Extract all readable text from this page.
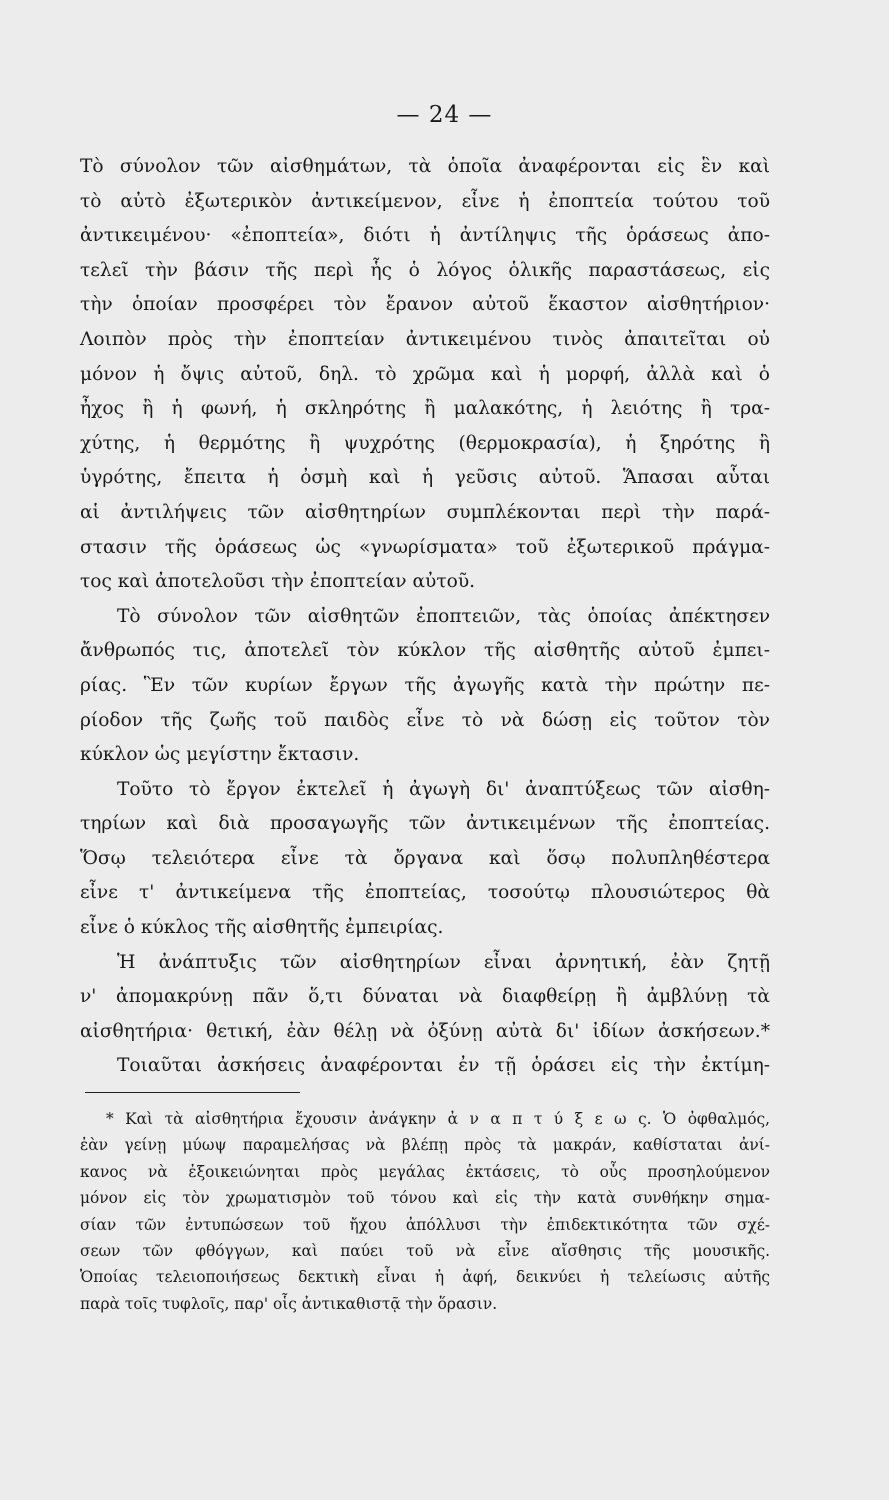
— 24 —
Τὸ σύνολον τῶν αἰσθημάτων, τὰ ὁποῖα ἀναφέρονται εἰς ἓν καὶ
τὸ αὐτὸ ἐξωτερικὸν ἀντικείμενον, εἶνε ἡ ἐποπτεία τούτου τοῦ
ἀντικειμένου· «ἐποπτεία», διότι ἡ ἀντίληψις τῆς ὁράσεως ἀπο-
τελεῖ τὴν βάσιν τῆς περὶ ἧς ὁ λόγος ὁλικῆς παραστάσεως, εἰς
τὴν ὁποίαν προσφέρει τὸν ἔρανον αὐτοῦ ἕκαστον αἰσθητήριον·
Λοιπὸν πρὸς τὴν ἐποπτείαν ἀντικειμένου τινὸς ἀπαιτεῖται οὐ
μόνον ἡ ὄψις αὐτοῦ, δηλ. τὸ χρῶμα καὶ ἡ μορφή, ἀλλὰ καὶ ὁ
ἦχος ἢ ἡ φωνή, ἡ σκληρότης ἢ μαλακότης, ἡ λειότης ἢ τρα-
χύτης, ἡ θερμότης ἢ ψυχρότης (θερμοκρασία), ἡ ξηρότης ἢ
ὑγρότης, ἔπειτα ἡ ὀσμὴ καὶ ἡ γεῦσις αὐτοῦ. Ἅπασαι αὗται
αἱ ἀντιλήψεις τῶν αἰσθητηρίων συμπλέκονται περὶ τὴν παρά-
στασιν τῆς ὁράσεως ὡς «γνωρίσματα» τοῦ ἐξωτερικοῦ πράγμα-
τος καὶ ἀποτελοῦσι τὴν ἐποπτείαν αὐτοῦ.
Τὸ σύνολον τῶν αἰσθητῶν ἐποπτειῶν, τὰς ὁποίας ἀπέκτησεν
ἄνθρωπός τις, ἀποτελεῖ τὸν κύκλον τῆς αἰσθητῆς αὐτοῦ ἐμπει-
ρίας. Ἓν τῶν κυρίων ἔργων τῆς ἀγωγῆς κατὰ τὴν πρώτην πε-
ρίοδον τῆς ζωῆς τοῦ παιδὸς εἶνε τὸ νὰ δώσῃ εἰς τοῦτον τὸν
κύκλον ὡς μεγίστην ἔκτασιν.
Τοῦτο τὸ ἔργον ἐκτελεῖ ἡ ἀγωγὴ δι' ἀναπτύξεως τῶν αἰσθη-
τηρίων καὶ διὰ προσαγωγῆς τῶν ἀντικειμένων τῆς ἐποπτείας.
Ὅσῳ τελειότερα εἶνε τὰ ὄργανα καὶ ὅσῳ πολυπληθέστερα
εἶνε τ' ἀντικείμενα τῆς ἐποπτείας, τοσούτῳ πλουσιώτερος θὰ
εἶνε ὁ κύκλος τῆς αἰσθητῆς ἐμπειρίας.
Ἡ ἀνάπτυξις τῶν αἰσθητηρίων εἶναι ἀρνητική, ἐὰν ζητῇ
ν' ἀπομακρύνῃ πᾶν ὅ,τι δύναται νὰ διαφθείρῃ ἢ ἀμβλύνῃ τὰ
αἰσθητήρια· θετική, ἐὰν θέλῃ νὰ ὀξύνῃ αὐτὰ δι' ἰδίων ἀσκήσεων.*
Τοιαῦται ἀσκήσεις ἀναφέρονται ἐν τῇ ὁράσει εἰς τὴν ἐκτίμη-
* Καὶ τὰ αἰσθητήρια ἔχουσιν ἀνάγκην ἀ ν α π τ ύ ξ ε ω ς. Ὁ ὀφθαλμός,
ἐὰν γείνῃ μύωψ παραμελήσας νὰ βλέπῃ πρὸς τὰ μακράν, καθίσταται ἀνί-
κανος νὰ ἐξοικειώνηται πρὸς μεγάλας ἐκτάσεις, τὸ οὖς προσηλούμενον
μόνον εἰς τὸν χρωματισμὸν τοῦ τόνου καὶ εἰς τὴν κατὰ συνθήκην σημα-
σίαν τῶν ἐντυπώσεων τοῦ ἤχου ἀπόλλυσι τὴν ἐπιδεκτικότητα τῶν σχέ-
σεων τῶν φθόγγων, καὶ παύει τοῦ νὰ εἶνε αἴσθησις τῆς μουσικῆς.
Ὁποίας τελειοποιήσεως δεκτικὴ εἶναι ἡ ἀφή, δεικνύει ἡ τελείωσις αὐτῆς
παρὰ τοῖς τυφλοῖς, παρ' οἷς ἀντικαθιστᾷ τὴν ὅρασιν.
